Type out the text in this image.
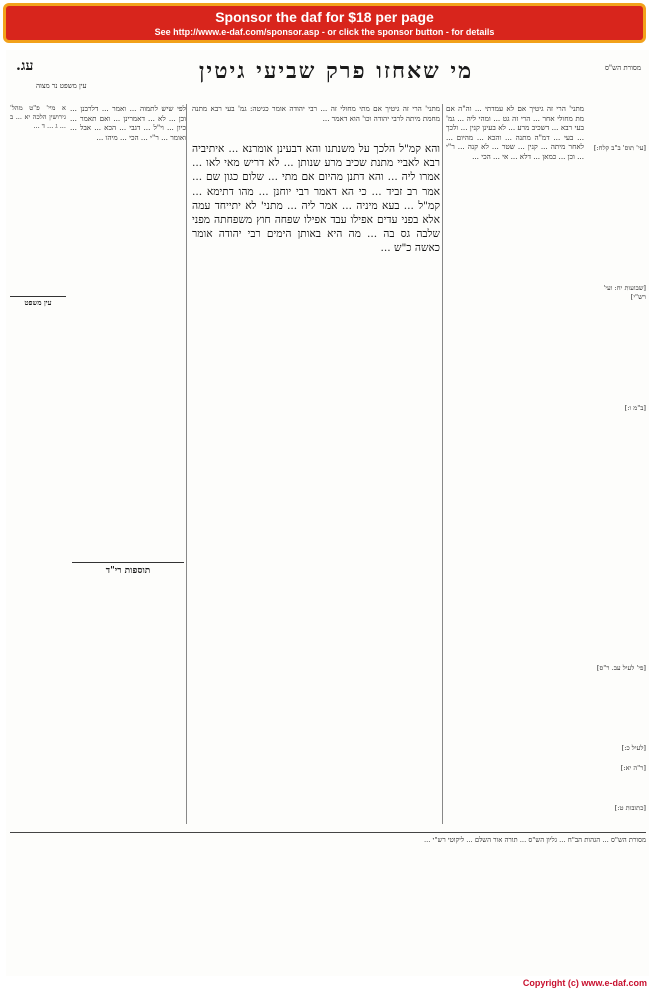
Sponsor the daf for $18 per page
See http://www.e-daf.com/sponsor.asp - or click the sponsor button - for details
מסורת הש"ס
מי שאחזו פרק שביעי גיטין
עג.
עין משפט נר מצוה

מתני' הרי זה גיטיך אם מתי מחולי זה ... רבי יהודה אומר כגיטה: גמ' בעי רבא מתנה מחמת מיתה לרבי יהודה וכו' הוא דאמר ...

והא קמ"ל הלכך על משנתנו והא דבעינן אומרנא ... איתיביה רבא לאביי מתנת שכיב מרע שנותן ... לא דריש מאי לאו ... אמרו ליה ... והא דתנן מהיום אם מתי ... שלום כגון שם ... אמר רב זביד ... כי הא דאמר רבי יוחנן ... מהו דתימא ... קמ"ל ... בעא מיניה ... אמר ליה ... מתני' לא יתייחד עמה אלא בפני עדים אפילו עבד אפילו שפחה חוץ משפחתה מפני שלבה גס בה ... מה היא באותן הימים רבי יהודה אומר כאשה כ"ש ...

מתני' הרי זה גיטיך אם לא עמדתי ... וה"ה אם מת מחולי אחר ... הרי זה גט ... ומהי ליה ... גמ' בעי רבא ... דשכיב מרע ... לא בעינן קנין ... ולכך ... בעי ... דמ"ה מתנה ... והכא ... מהיום ... לאחר מיתה ... קנין ... שטר ... לא קנה ... ר"י ... וכן ... כמאן ... דלא ... אי ... הכי ...

לפי שיש לתמוה ... ואמר ... דלרבנן ... וכן ... לא ... דאמרינן ... ואם תאמר ... כיון ... וי"ל ... דגבי ... הכא ... אבל ... ואומר ... ר"י ... הכי ... מיהו ...

תוספות רי"ד

א מיי' פ"ט מהל' גירושין הלכה יא ... ב ... ג ... ד ...

עין משפט
[עי' תוס' ב"ב קלח:]
[שבועות יח: ועי' רש"י]
[ב"מ ו:]
[פי' לעיל עב. ר"ס]
[לעיל כ:]
[ר"ה יא:]
[כתובות ט:]

מסורת הש"ס ... הגהות הב"ח ... גליון הש"ס ... תורה אור השלם ... ליקוטי רש"י ...

Copyright (c) www.e-daf.com
